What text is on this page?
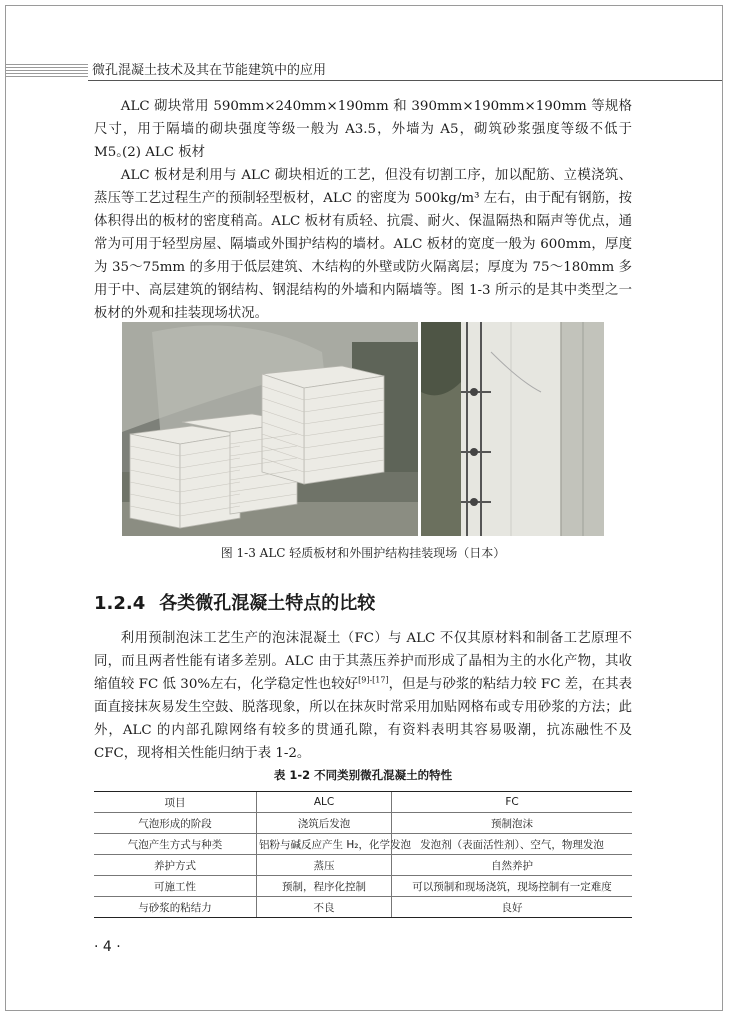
微孔混凝土技术及其在节能建筑中的应用

ALC 砌块常用 590mm×240mm×190mm 和 390mm×190mm×190mm 等规格尺寸，用于隔墙的砌块强度等级一般为 A3.5，外墙为 A5，砌筑砂浆强度等级不低于 M5。

(2) ALC 板材

ALC 板材是利用与 ALC 砌块相近的工艺，但没有切割工序，加以配筋、立模浇筑、蒸压等工艺过程生产的预制轻型板材，ALC 的密度为 500kg/m³ 左右，由于配有钢筋，按体积得出的板材的密度稍高。ALC 板材有质轻、抗震、耐火、保温隔热和隔声等优点，通常为可用于轻型房屋、隔墙或外围护结构的墙材。ALC 板材的宽度一般为 600mm，厚度为 35～75mm 的多用于低层建筑、木结构的外壁或防火隔离层；厚度为 75～180mm 多用于中、高层建筑的钢结构、钢混结构的外墙和内隔墙等。图 1-3 所示的是其中类型之一板材的外观和挂装现场状况。

图 1-3 ALC 轻质板材和外围护结构挂装现场（日本）
1.2.4 各类微孔混凝土特点的比较

利用预制泡沫工艺生产的泡沫混凝土（FC）与 ALC 不仅其原材料和制备工艺原理不同，而且两者性能有诸多差别。ALC 由于其蒸压养护而形成了晶相为主的水化产物，其收缩值较 FC 低 30%左右，化学稳定性也较好[9]-[17]，但是与砂浆的粘结力较 FC 差，在其表面直接抹灰易发生空鼓、脱落现象，所以在抹灰时常采用加贴网格布或专用砂浆的方法；此外，ALC 的内部孔隙网络有较多的贯通孔隙，有资料表明其容易吸潮，抗冻融性不及 CFC，现将相关性能归纳于表 1-2。

表 1-2 不同类别微孔混凝土的特性
项目	ALC	FC
气泡形成的阶段	浇筑后发泡	预制泡沫
气泡产生方式与种类	铝粉与碱反应产生 H₂，化学发泡	发泡剂（表面活性剂）、空气，物理发泡
养护方式	蒸压	自然养护
可施工性	预制，程序化控制	可以预制和现场浇筑，现场控制有一定难度
与砂浆的粘结力	不良	良好
· 4 ·
